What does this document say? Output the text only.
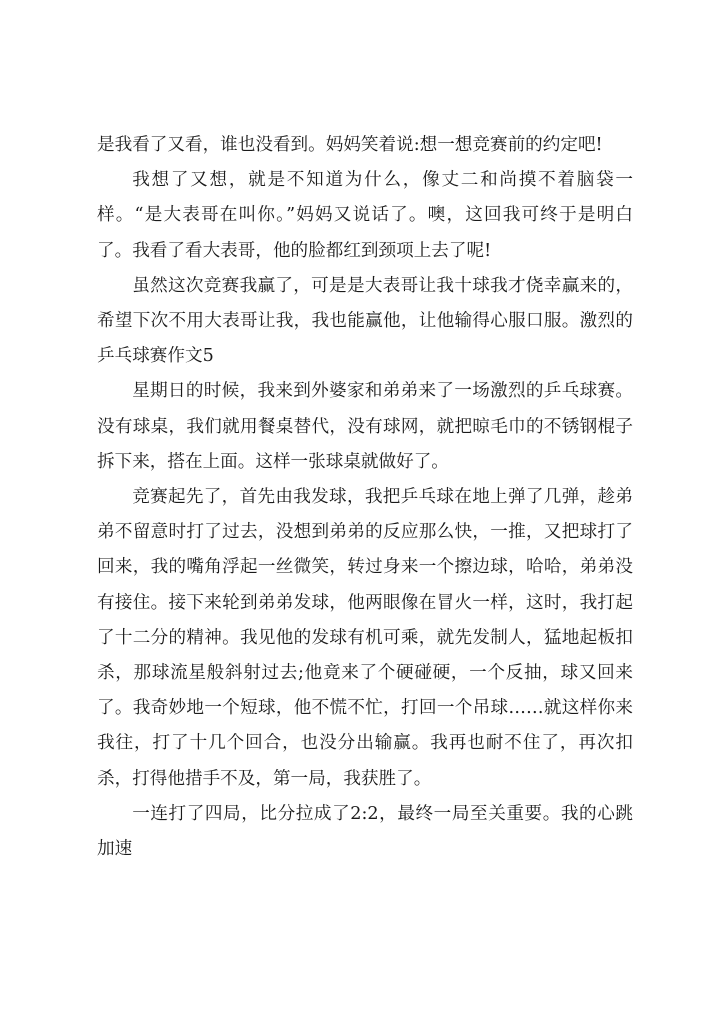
是我看了又看，谁也没看到。妈妈笑着说:想一想竞赛前的约定吧!

我想了又想，就是不知道为什么，像丈二和尚摸不着脑袋一样。“是大表哥在叫你。”妈妈又说话了。噢，这回我可终于是明白了。我看了看大表哥，他的脸都红到颈项上去了呢!

虽然这次竞赛我赢了，可是是大表哥让我十球我才侥幸赢来的，希望下次不用大表哥让我，我也能赢他，让他输得心服口服。激烈的乒乓球赛作文5

星期日的时候，我来到外婆家和弟弟来了一场激烈的乒乓球赛。没有球桌，我们就用餐桌替代，没有球网，就把晾毛巾的不锈钢棍子拆下来，搭在上面。这样一张球桌就做好了。

竞赛起先了，首先由我发球，我把乒乓球在地上弹了几弹，趁弟弟不留意时打了过去，没想到弟弟的反应那么快，一推，又把球打了回来，我的嘴角浮起一丝微笑，转过身来一个擦边球，哈哈，弟弟没有接住。接下来轮到弟弟发球，他两眼像在冒火一样，这时，我打起了十二分的精神。我见他的发球有机可乘，就先发制人，猛地起板扣杀，那球流星般斜射过去;他竟来了个硬碰硬，一个反抽，球又回来了。我奇妙地一个短球，他不慌不忙，打回一个吊球……就这样你来我往，打了十几个回合，也没分出输赢。我再也耐不住了，再次扣杀，打得他措手不及，第一局，我获胜了。

一连打了四局，比分拉成了2:2，最终一局至关重要。我的心跳加速
